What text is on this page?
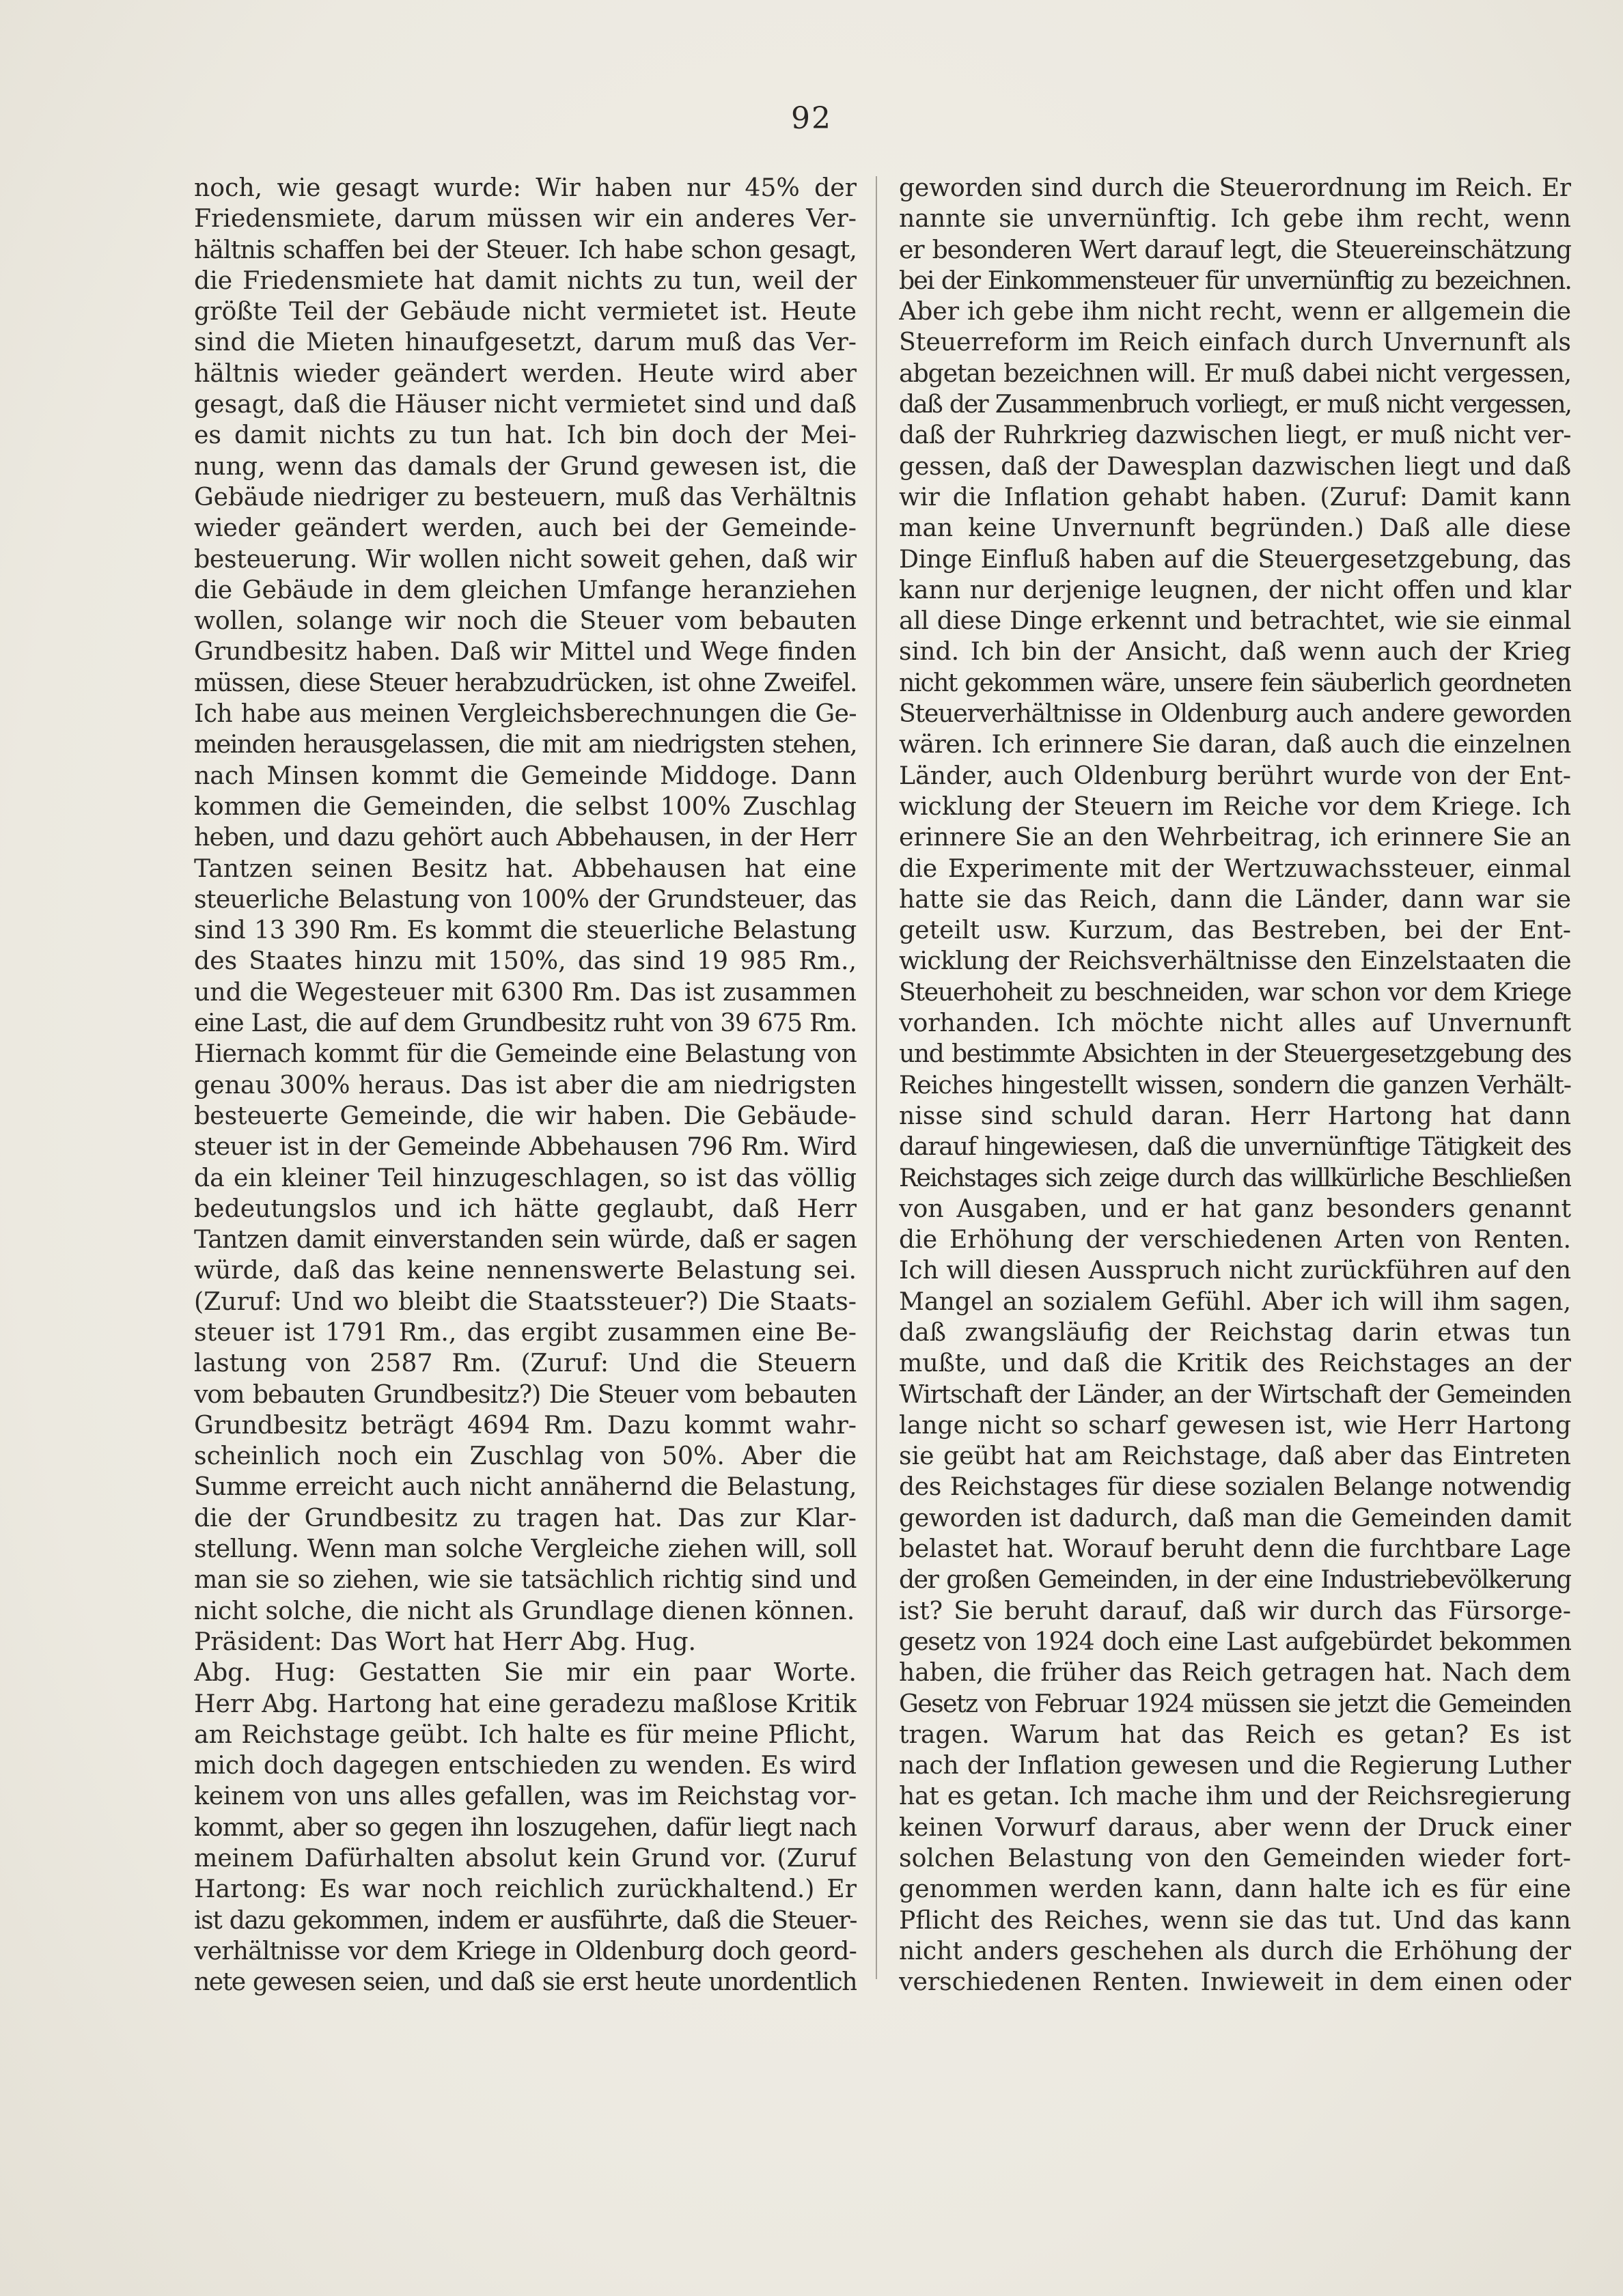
92
noch, wie gesagt wurde: Wir haben nur 45% der
Friedensmiete, darum müssen wir ein anderes Ver-
hältnis schaffen bei der Steuer. Ich habe schon gesagt,
die Friedensmiete hat damit nichts zu tun, weil der
größte Teil der Gebäude nicht vermietet ist. Heute
sind die Mieten hinaufgesetzt, darum muß das Ver-
hältnis wieder geändert werden. Heute wird aber
gesagt, daß die Häuser nicht vermietet sind und daß
es damit nichts zu tun hat. Ich bin doch der Mei-
nung, wenn das damals der Grund gewesen ist, die
Gebäude niedriger zu besteuern, muß das Verhältnis
wieder geändert werden, auch bei der Gemeinde-
besteuerung. Wir wollen nicht soweit gehen, daß wir
die Gebäude in dem gleichen Umfange heranziehen
wollen, solange wir noch die Steuer vom bebauten
Grundbesitz haben. Daß wir Mittel und Wege finden
müssen, diese Steuer herabzudrücken, ist ohne Zweifel.
Ich habe aus meinen Vergleichsberechnungen die Ge-
meinden herausgelassen, die mit am niedrigsten stehen,
nach Minsen kommt die Gemeinde Middoge. Dann
kommen die Gemeinden, die selbst 100% Zuschlag
heben, und dazu gehört auch Abbehausen, in der Herr
Tantzen seinen Besitz hat. Abbehausen hat eine
steuerliche Belastung von 100% der Grundsteuer, das
sind 13 390 Rm. Es kommt die steuerliche Belastung
des Staates hinzu mit 150%, das sind 19 985 Rm.,
und die Wegesteuer mit 6300 Rm. Das ist zusammen
eine Last, die auf dem Grundbesitz ruht von 39 675 Rm.
Hiernach kommt für die Gemeinde eine Belastung von
genau 300% heraus. Das ist aber die am niedrigsten
besteuerte Gemeinde, die wir haben. Die Gebäude-
steuer ist in der Gemeinde Abbehausen 796 Rm. Wird
da ein kleiner Teil hinzugeschlagen, so ist das völlig
bedeutungslos und ich hätte geglaubt, daß Herr
Tantzen damit einverstanden sein würde, daß er sagen
würde, daß das keine nennenswerte Belastung sei.
(Zuruf: Und wo bleibt die Staatssteuer?) Die Staats-
steuer ist 1791 Rm., das ergibt zusammen eine Be-
lastung von 2587 Rm. (Zuruf: Und die Steuern
vom bebauten Grundbesitz?) Die Steuer vom bebauten
Grundbesitz beträgt 4694 Rm. Dazu kommt wahr-
scheinlich noch ein Zuschlag von 50%. Aber die
Summe erreicht auch nicht annähernd die Belastung,
die der Grundbesitz zu tragen hat. Das zur Klar-
stellung. Wenn man solche Vergleiche ziehen will, soll
man sie so ziehen, wie sie tatsächlich richtig sind und
nicht solche, die nicht als Grundlage dienen können.
Präsident: Das Wort hat Herr Abg. Hug.
Abg. Hug: Gestatten Sie mir ein paar Worte.
Herr Abg. Hartong hat eine geradezu maßlose Kritik
am Reichstage geübt. Ich halte es für meine Pflicht,
mich doch dagegen entschieden zu wenden. Es wird
keinem von uns alles gefallen, was im Reichstag vor-
kommt, aber so gegen ihn loszugehen, dafür liegt nach
meinem Dafürhalten absolut kein Grund vor. (Zuruf
Hartong: Es war noch reichlich zurückhaltend.) Er
ist dazu gekommen, indem er ausführte, daß die Steuer-
verhältnisse vor dem Kriege in Oldenburg doch geord-
nete gewesen seien, und daß sie erst heute unordentlich
geworden sind durch die Steuerordnung im Reich. Er
nannte sie unvernünftig. Ich gebe ihm recht, wenn
er besonderen Wert darauf legt, die Steuereinschätzung
bei der Einkommensteuer für unvernünftig zu bezeichnen.
Aber ich gebe ihm nicht recht, wenn er allgemein die
Steuerreform im Reich einfach durch Unvernunft als
abgetan bezeichnen will. Er muß dabei nicht vergessen,
daß der Zusammenbruch vorliegt, er muß nicht vergessen,
daß der Ruhrkrieg dazwischen liegt, er muß nicht ver-
gessen, daß der Dawesplan dazwischen liegt und daß
wir die Inflation gehabt haben. (Zuruf: Damit kann
man keine Unvernunft begründen.) Daß alle diese
Dinge Einfluß haben auf die Steuergesetzgebung, das
kann nur derjenige leugnen, der nicht offen und klar
all diese Dinge erkennt und betrachtet, wie sie einmal
sind. Ich bin der Ansicht, daß wenn auch der Krieg
nicht gekommen wäre, unsere fein säuberlich geordneten
Steuerverhältnisse in Oldenburg auch andere geworden
wären. Ich erinnere Sie daran, daß auch die einzelnen
Länder, auch Oldenburg berührt wurde von der Ent-
wicklung der Steuern im Reiche vor dem Kriege. Ich
erinnere Sie an den Wehrbeitrag, ich erinnere Sie an
die Experimente mit der Wertzuwachssteuer, einmal
hatte sie das Reich, dann die Länder, dann war sie
geteilt usw. Kurzum, das Bestreben, bei der Ent-
wicklung der Reichsverhältnisse den Einzelstaaten die
Steuerhoheit zu beschneiden, war schon vor dem Kriege
vorhanden. Ich möchte nicht alles auf Unvernunft
und bestimmte Absichten in der Steuergesetzgebung des
Reiches hingestellt wissen, sondern die ganzen Verhält-
nisse sind schuld daran. Herr Hartong hat dann
darauf hingewiesen, daß die unvernünftige Tätigkeit des
Reichstages sich zeige durch das willkürliche Beschließen
von Ausgaben, und er hat ganz besonders genannt
die Erhöhung der verschiedenen Arten von Renten.
Ich will diesen Ausspruch nicht zurückführen auf den
Mangel an sozialem Gefühl. Aber ich will ihm sagen,
daß zwangsläufig der Reichstag darin etwas tun
mußte, und daß die Kritik des Reichstages an der
Wirtschaft der Länder, an der Wirtschaft der Gemeinden
lange nicht so scharf gewesen ist, wie Herr Hartong
sie geübt hat am Reichstage, daß aber das Eintreten
des Reichstages für diese sozialen Belange notwendig
geworden ist dadurch, daß man die Gemeinden damit
belastet hat. Worauf beruht denn die furchtbare Lage
der großen Gemeinden, in der eine Industriebevölkerung
ist? Sie beruht darauf, daß wir durch das Fürsorge-
gesetz von 1924 doch eine Last aufgebürdet bekommen
haben, die früher das Reich getragen hat. Nach dem
Gesetz von Februar 1924 müssen sie jetzt die Gemeinden
tragen. Warum hat das Reich es getan? Es ist
nach der Inflation gewesen und die Regierung Luther
hat es getan. Ich mache ihm und der Reichsregierung
keinen Vorwurf daraus, aber wenn der Druck einer
solchen Belastung von den Gemeinden wieder fort-
genommen werden kann, dann halte ich es für eine
Pflicht des Reiches, wenn sie das tut. Und das kann
nicht anders geschehen als durch die Erhöhung der
verschiedenen Renten. Inwieweit in dem einen oder
